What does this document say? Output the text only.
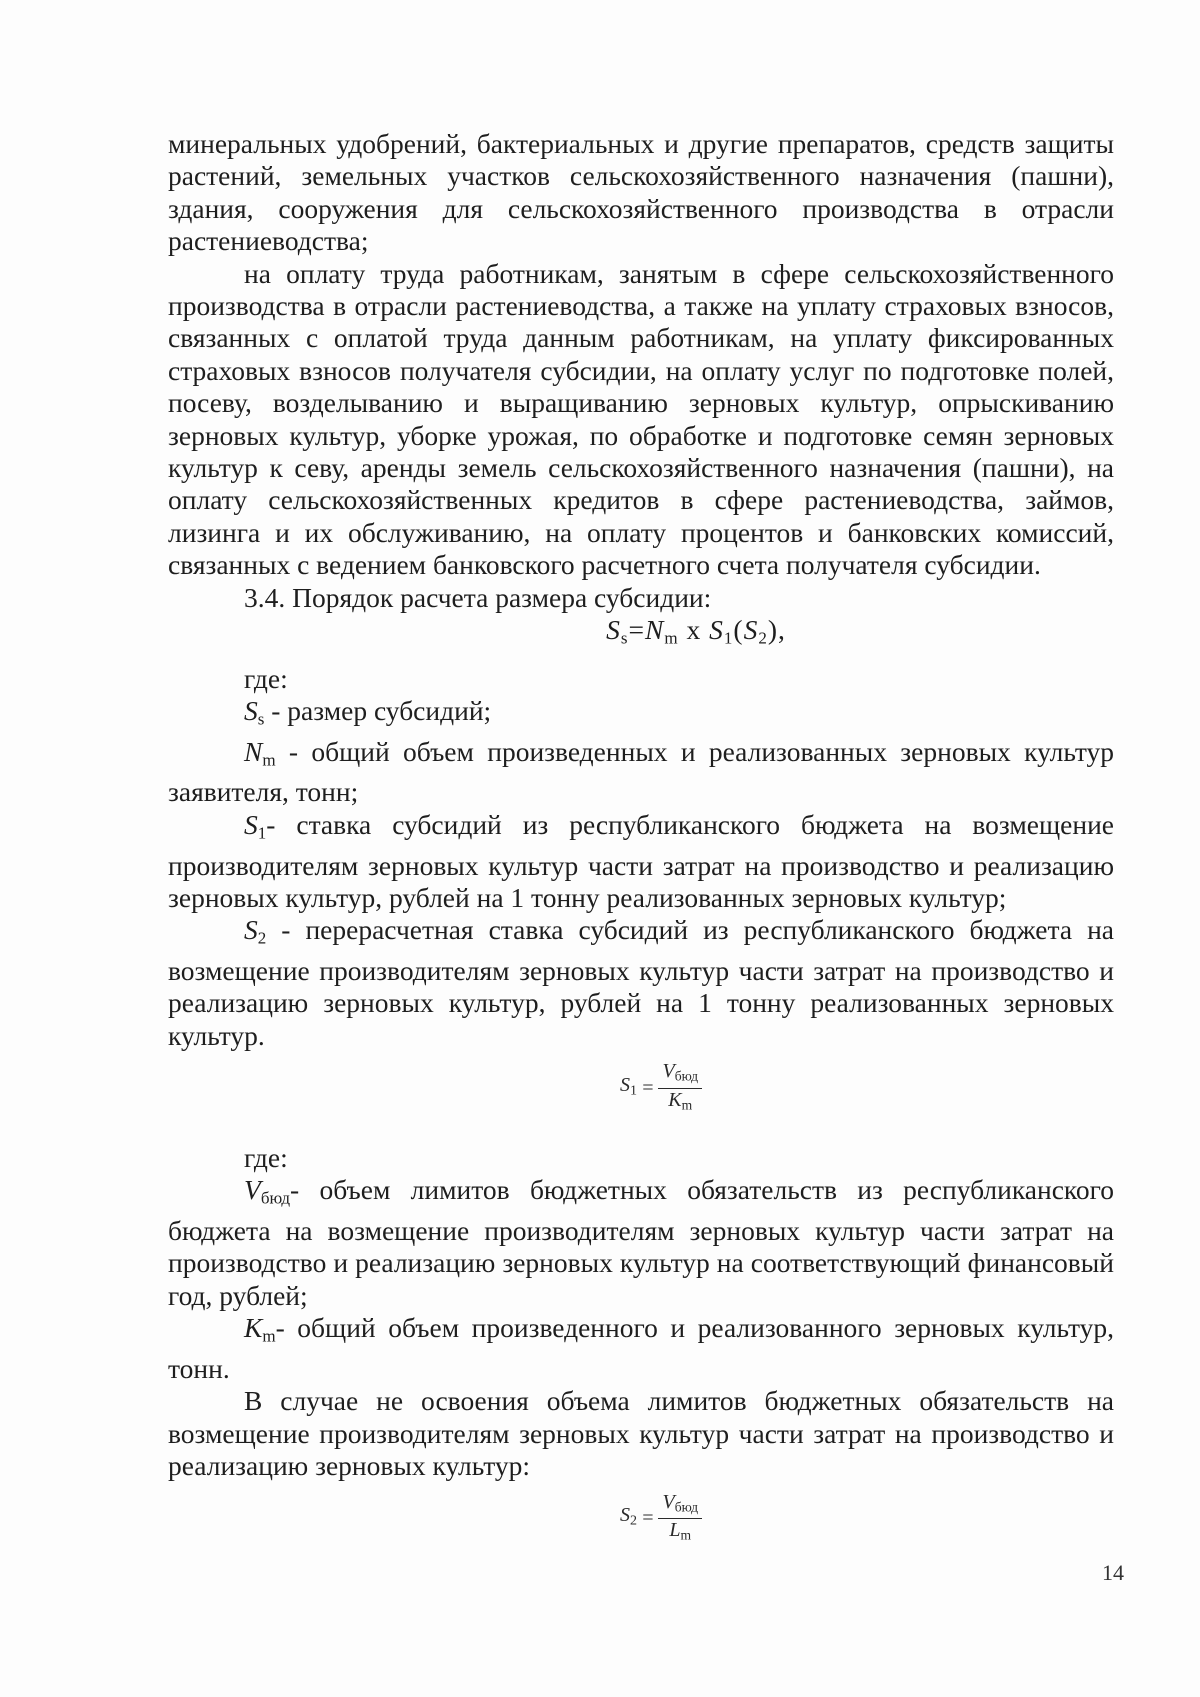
минеральных удобрений, бактериальных и другие препаратов, средств защиты растений, земельных участков сельскохозяйственного назначения (пашни), здания, сооружения для сельскохозяйственного производства в отрасли растениеводства;

на оплату труда работникам, занятым в сфере сельскохозяйственного производства в отрасли растениеводства, а также на уплату страховых взносов, связанных с оплатой труда данным работникам, на уплату фиксированных страховых взносов получателя субсидии, на оплату услуг по подготовке полей, посеву, возделыванию и выращиванию зерновых культур, опрыскиванию зерновых культур, уборке урожая, по обработке и подготовке семян зерновых культур к севу, аренды земель сельскохозяйственного назначения (пашни), на оплату сельскохозяйственных кредитов в сфере растениеводства, займов, лизинга и их обслуживанию, на оплату процентов и банковских комиссий, связанных с ведением банковского расчетного счета получателя субсидии.

3.4. Порядок расчета размера субсидии:

$S_s=N_m$ x $S_1(S_2)$,

где:

$S_s$ - размер субсидий;

$N_m$ - общий объем произведенных и реализованных зерновых культур заявителя, тонн;

$S_1-$ ставка субсидий из республиканского бюджета на возмещение производителям зерновых культур части затрат на производство и реализацию зерновых культур, рублей на 1 тонну реализованных зерновых культур;

$S_2$ - перерасчетная ставка субсидий из республиканского бюджета на возмещение производителям зерновых культур части затрат на производство и реализацию зерновых культур, рублей на 1 тонну реализованных зерновых культур.

$S_1 = \frac{V_{бюд}}{K_m}$

где:

$V_{бюд}-$ объем лимитов бюджетных обязательств из республиканского бюджета на возмещение производителям зерновых культур части затрат на производство и реализацию зерновых культур на соответствующий финансовый год, рублей;

$K_m-$ общий объем произведенного и реализованного зерновых культур, тонн.

В случае не освоения объема лимитов бюджетных обязательств на возмещение производителям зерновых культур части затрат на производство и реализацию зерновых культур:

$S_2 = \frac{V_{бюд}}{L_m}$
14
